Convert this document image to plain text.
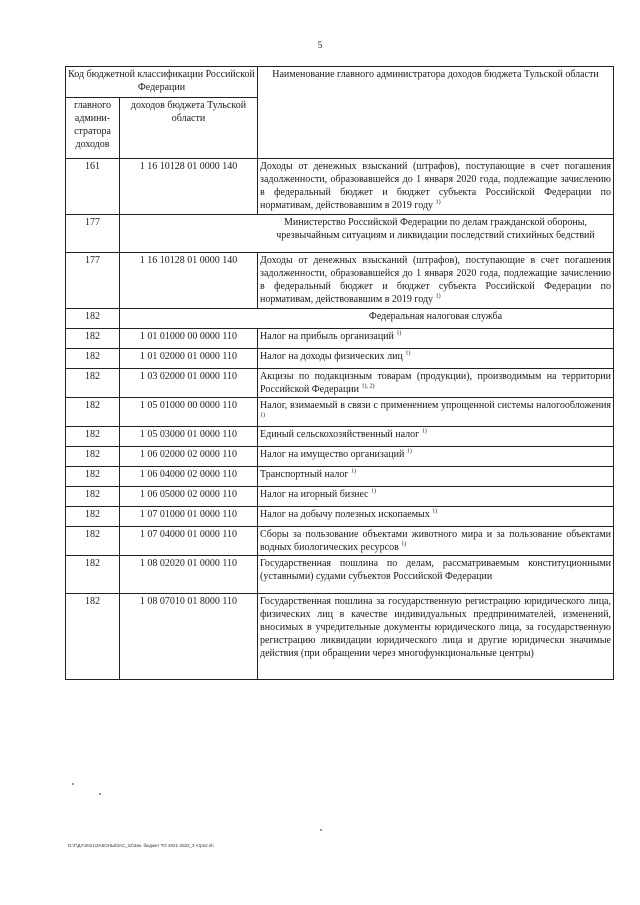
5
Код бюджетной классификации Российской Федерации		Наименование главного администратора доходов бюджета Тульской области
главного админи-стратора доходов	доходов бюджета Тульской области	
161	1 16 10128 01 0000 140	Доходы от денежных взысканий (штрафов), поступающие в счет погашения задолженности, образовавшейся до 1 января 2020 года, подлежащие зачислению в федеральный бюджет и бюджет субъекта Российской Федерации по нормативам, действовавшим в 2019 году $^{1)}$
177	Министерство Российской Федерации по делам гражданской обороны, чрезвычайным ситуациям и ликвидации последствий стихийных бедствий	
177	1 16 10128 01 0000 140	Доходы от денежных взысканий (штрафов), поступающие в счет погашения задолженности, образовавшейся до 1 января 2020 года, подлежащие зачислению в федеральный бюджет и бюджет субъекта Российской Федерации по нормативам, действовавшим в 2019 году $^{1)}$
182	Федеральная налоговая служба	
182	1 01 01000 00 0000 110	Налог на прибыль организаций $^{1)}$
182	1 01 02000 01 0000 110	Налог на доходы физических лиц $^{1)}$
182	1 03 02000 01 0000 110	Акцизы по подакцизным товарам (продукции), производимым на территории Российской Федерации $^{1), 2)}$
182	1 05 01000 00 0000 110	Налог, взимаемый в связи с применением упрощенной системы налогообложения $^{1)}$
182	1 05 03000 01 0000 110	Единый сельскохозяйственный налог $^{1)}$
182	1 06 02000 02 0000 110	Налог на имущество организаций $^{1)}$
182	1 06 04000 02 0000 110	Транспортный налог $^{1)}$
182	1 06 05000 02 0000 110	Налог на игорный бизнес $^{1)}$
182	1 07 01000 01 0000 110	Налог на добычу полезных ископаемых $^{1)}$
182	1 07 04000 01 0000 110	Сборы за пользование объектами животного мира и за пользование объектами водных биологических ресурсов $^{1)}$
182	1 08 02020 01 0000 110	Государственная пошлина по делам, рассматриваемым конституционными (уставными) судами субъектов Российской Федерации
182	1 08 07010 01 8000 110	Государственная пошлина за государственную регистрацию юридического лица, физических лиц в качестве индивидуальных предпринимателей, изменений, вносимых в учредительные документы юридического лица, за государственную регистрацию ликвидации юридического лица и другие юридически значимые действия (при обращении через многофункциональные центры)
D:\Г\ДУ\2021\ЗАКОНЫ\ЗАС_22\Зак. бюджет ТО 2021-2023_3 чтрп2.sh
